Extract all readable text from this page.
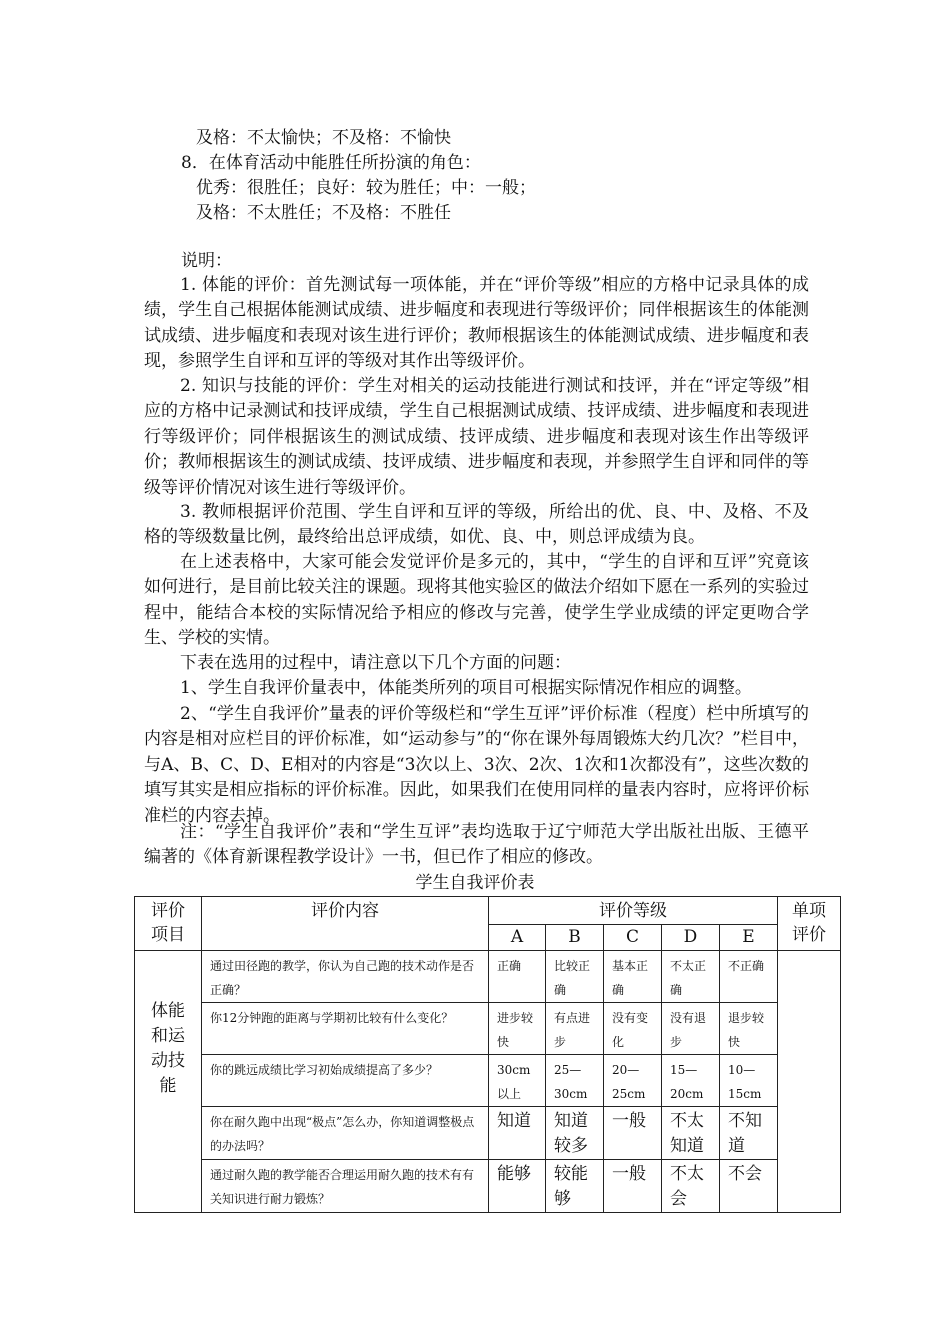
及格：不太愉快；不及格：不愉快
8．在体育活动中能胜任所扮演的角色：
优秀：很胜任；良好：较为胜任；中：一般；
及格：不太胜任；不及格：不胜任
说明：
1. 体能的评价：首先测试每一项体能，并在“评价等级”相应的方格中记录具体的成绩，学生自己根据体能测试成绩、进步幅度和表现进行等级评价；同伴根据该生的体能测试成绩、进步幅度和表现对该生进行评价；教师根据该生的体能测试成绩、进步幅度和表现，参照学生自评和互评的等级对其作出等级评价。
2. 知识与技能的评价：学生对相关的运动技能进行测试和技评，并在“评定等级”相应的方格中记录测试和技评成绩，学生自己根据测试成绩、技评成绩、进步幅度和表现进行等级评价；同伴根据该生的测试成绩、技评成绩、进步幅度和表现对该生作出等级评价；教师根据该生的测试成绩、技评成绩、进步幅度和表现，并参照学生自评和同伴的等级等评价情况对该生进行等级评价。
3. 教师根据评价范围、学生自评和互评的等级，所给出的优、良、中、及格、不及格的等级数量比例，最终给出总评成绩，如优、良、中，则总评成绩为良。
在上述表格中，大家可能会发觉评价是多元的，其中，“学生的自评和互评”究竟该如何进行，是目前比较关注的课题。现将其他实验区的做法介绍如下愿在一系列的实验过程中，能结合本校的实际情况给予相应的修改与完善，使学生学业成绩的评定更吻合学生、学校的实情。
下表在选用的过程中，请注意以下几个方面的问题：
1、学生自我评价量表中，体能类所列的项目可根据实际情况作相应的调整。
2、“学生自我评价”量表的评价等级栏和“学生互评”评价标准（程度）栏中所填写的内容是相对应栏目的评价标准，如“运动参与”的“你在课外每周锻炼大约几次？”栏目中，与A、B、C、D、E相对的内容是“3次以上、3次、2次、1次和1次都没有”，这些次数的填写其实是相应指标的评价标准。因此，如果我们在使用同样的量表内容时，应将评价标准栏的内容去掉。
注：“学生自我评价”表和“学生互评”表均选取于辽宁师范大学出版社出版、王德平编著的《体育新课程教学设计》一书，但已作了相应的修改。
学生自我评价表
评价项目	评价内容	评价等级					单项评价
		A	B	C	D	E	
体能和运动技能	通过田径跑的教学，你认为自己跑的技术动作是否正确？	正确	比较正确	基本正确	不太正确	不正确	
	你12分钟跑的距离与学期初比较有什么变化？	进步较快	有点进步	没有变化	没有退步	退步较快	
	你的跳远成绩比学习初始成绩提高了多少？	30cm以上	25—30cm	20—25cm	15—20cm	10—15cm	
	你在耐久跑中出现“极点”怎么办，你知道调整极点的办法吗？	知道	知道较多	一般	不太知道	不知道	
	通过耐久跑的教学能否合理运用耐久跑的技术有有关知识进行耐力锻炼？	能够	较能够	一般	不太会	不会	
